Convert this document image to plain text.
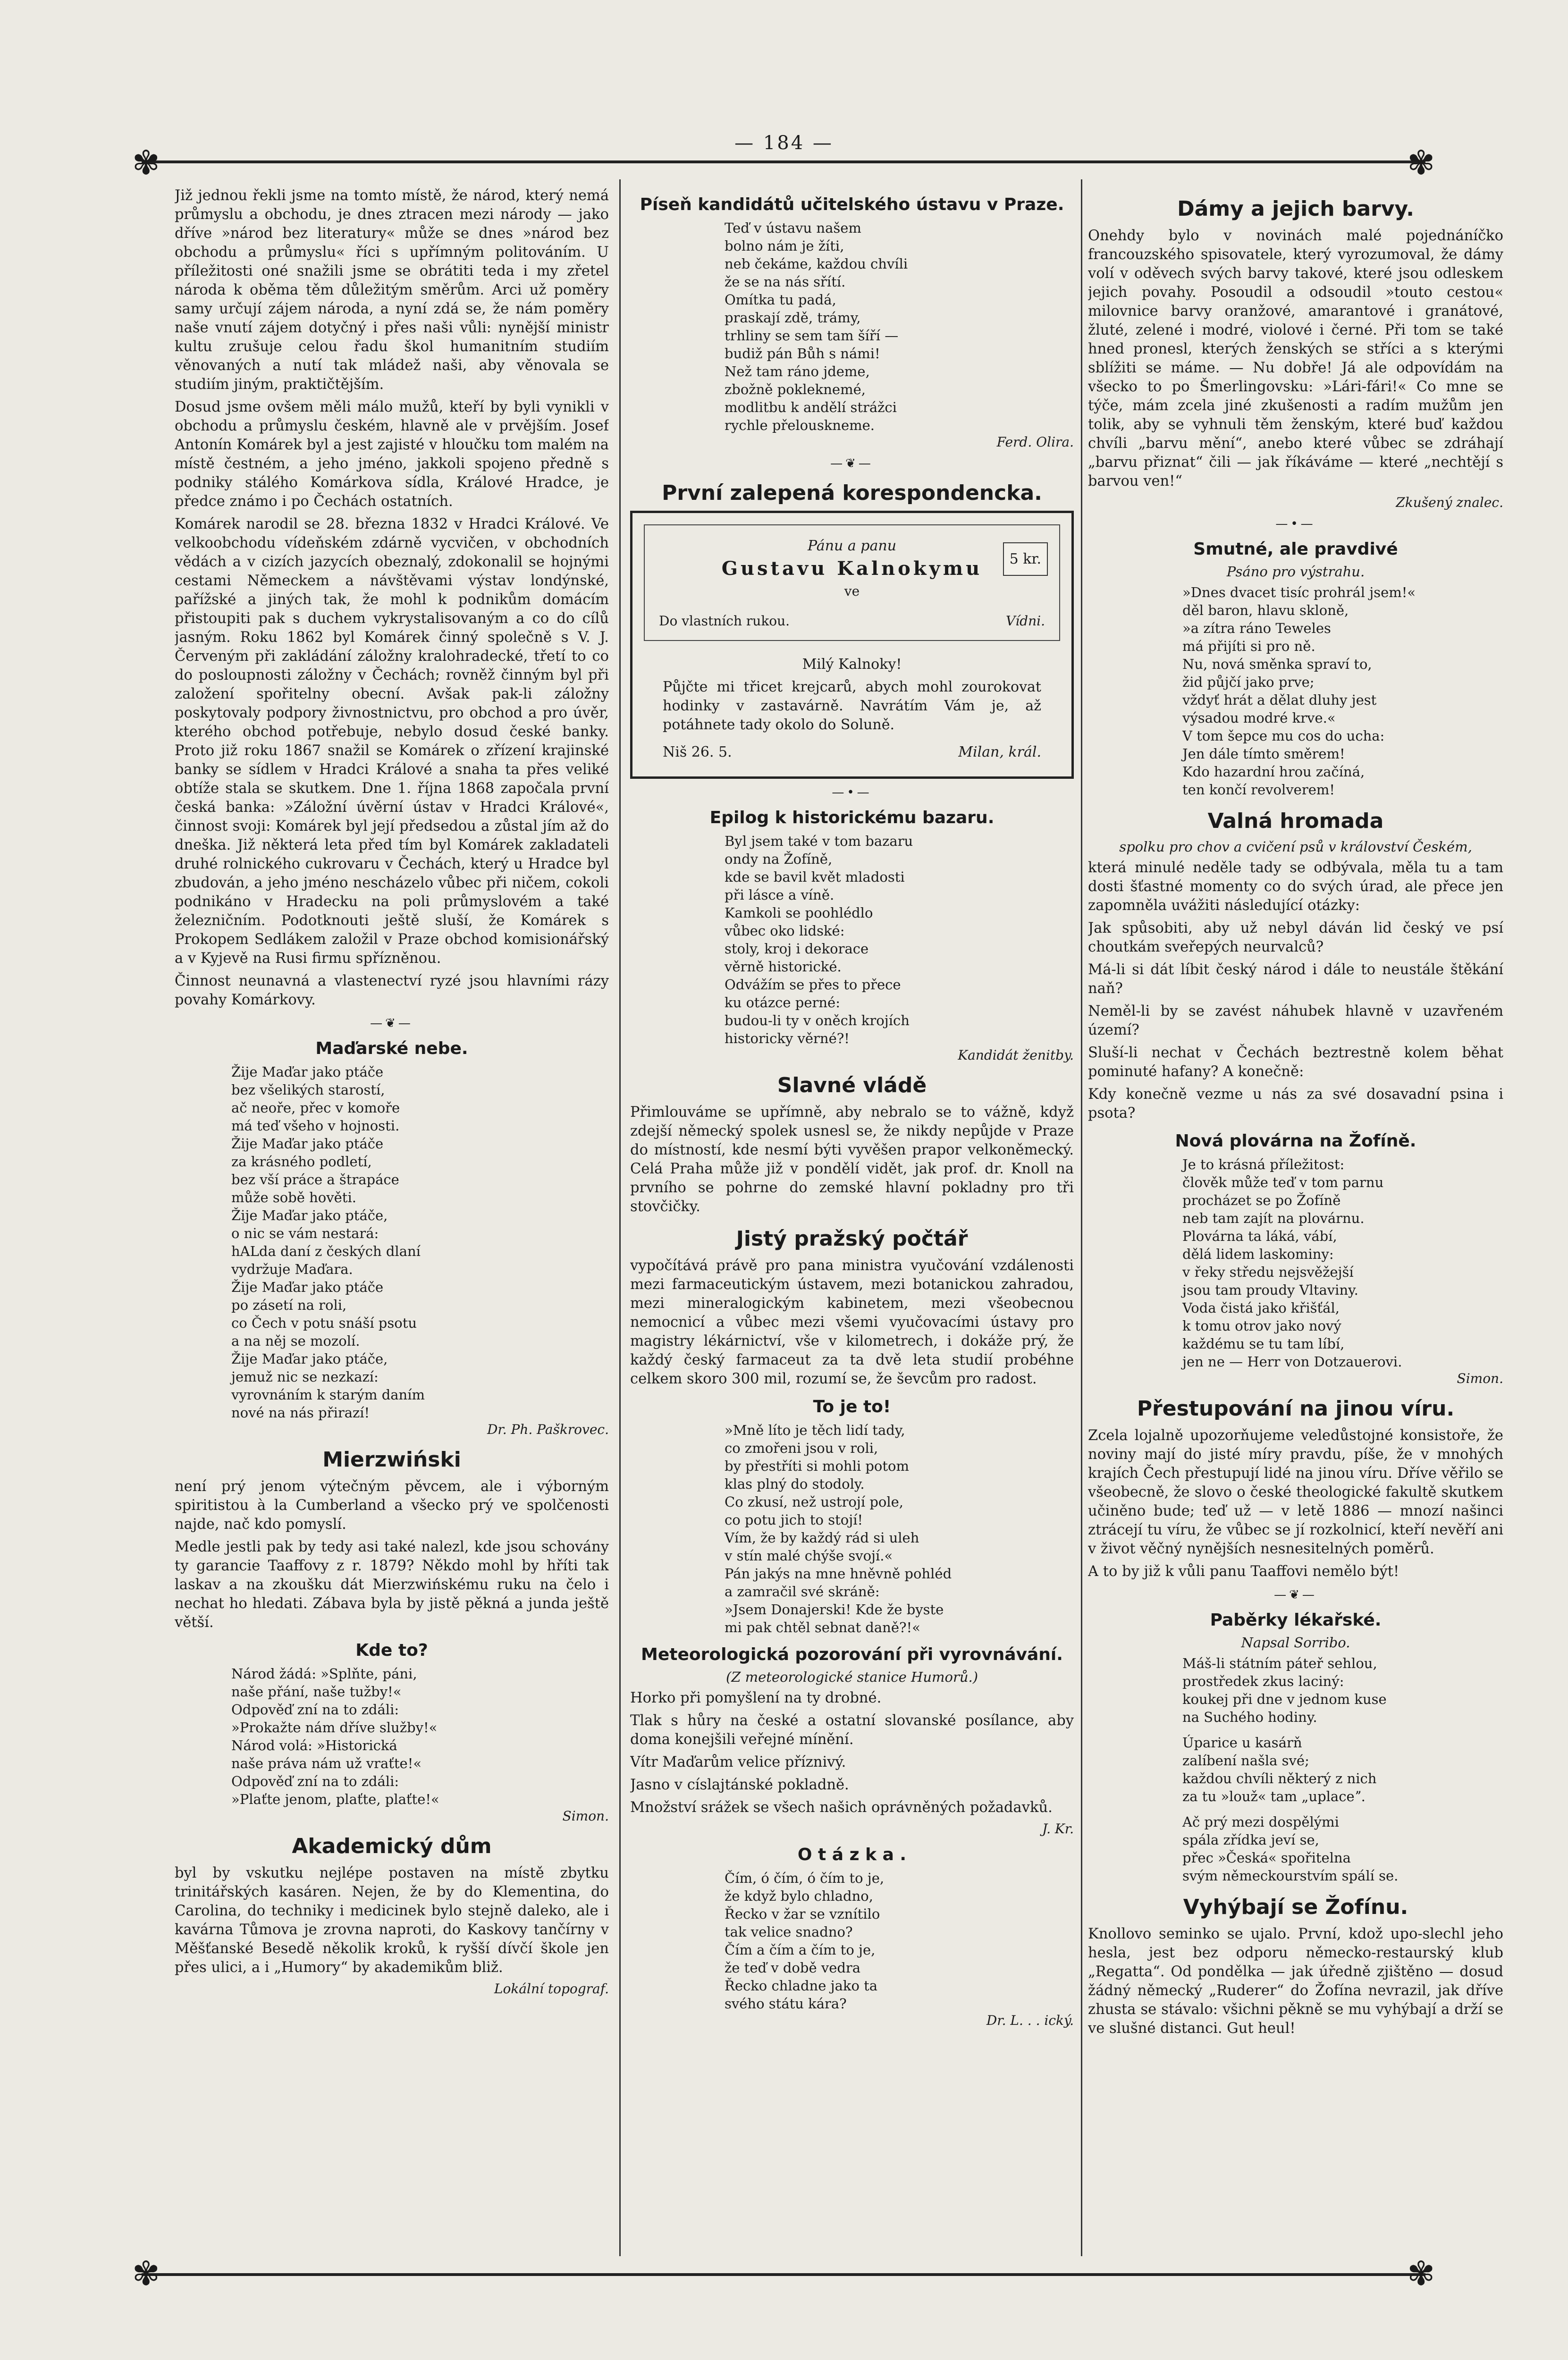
— 184 —
✾	✾
✾	✾

Již jednou řekli jsme na tomto místě, že národ, který nemá průmyslu a obchodu, je dnes ztracen mezi národy — jako dříve »národ bez literatury« může se dnes »národ bez obchodu a průmyslu« říci s upřímným politováním. U příležitosti oné snažili jsme se obrátiti teda i my zřetel národa k oběma těm důležitým směrům. Arci už poměry samy určují zájem národa, a nyní zdá se, že nám poměry naše vnutí zájem dotyčný i přes naši vůli: nynější ministr kultu zrušuje celou řadu škol humanitním studiím věnovaných a nutí tak mládež naši, aby věnovala se studiím jiným, praktičtějším.

Dosud jsme ovšem měli málo mužů, kteří by byli vynikli v obchodu a průmyslu českém, hlavně ale v prvějším. Josef Antonín Komárek byl a jest zajisté v hloučku tom malém na místě čestném, a jeho jméno, jakkoli spojeno předně s podniky stálého Komárkova sídla, Králové Hradce, je předce známo i po Čechách ostatních.

Komárek narodil se 28. března 1832 v Hradci Králové. Ve velkoobchodu vídeňském zdárně vycvičen, v obchodních vědách a v cizích jazycích obeznalý, zdokonalil se hojnými cestami Německem a návštěvami výstav londýnské, pařížské a jiných tak, že mohl k podnikům domácím přistoupiti pak s duchem vykrystalisovaným a co do cílů jasným. Roku 1862 byl Komárek činný společně s V. J. Červeným při zakládání záložny kralohradecké, třetí to co do posloupnosti záložny v Čechách; rovněž činným byl při založení spořitelny obecní. Avšak pak-li záložny poskytovaly podpory živnostnictvu, pro obchod a pro úvěr, kterého obchod potřebuje, nebylo dosud české banky. Proto již roku 1867 snažil se Komárek o zřízení krajinské banky se sídlem v Hradci Králové a snaha ta přes veliké obtíže stala se skutkem. Dne 1. října 1868 započala první česká banka: »Záložní úvěrní ústav v Hradci Králové«, činnost svoji: Komárek byl její předsedou a zůstal jím až do dneška. Již některá leta před tím byl Komárek zakladateli druhé rolnického cukrovaru v Čechách, který u Hradce byl zbudován, a jeho jméno nescházelo vůbec při ničem, cokoli podnikáno v Hradecku na poli průmyslovém a také železničním. Podotknouti ještě sluší, že Komárek s Prokopem Sedlákem založil v Praze obchod komisionářský a v Kyjevě na Rusi firmu spřízněnou.

Činnost neunavná a vlastenectví ryzé jsou hlavními rázy povahy Komárkovy.

—❦—
Maďarské nebe.

Žije Maďar jako ptáče

bez všelikých starostí,

ač neoře, přec v komoře

má teď všeho v hojnosti.

Žije Maďar jako ptáče

za krásného podletí,

bez vší práce a štrapáce

může sobě hověti.

Žije Maďar jako ptáče,

o nic se vám nestará:

hALda daní z českých dlaní

vydržuje Maďara.

Žije Maďar jako ptáče

po zásetí na roli,

co Čech v potu snáší psotu

a na něj se mozolí.

Žije Maďar jako ptáče,

jemuž nic se nezkazí:

vyrovnáním k starým daním

nové na nás přirazí!

Dr. Ph. Paškrovec.
Mierzwiński

není prý jenom výtečným pěvcem, ale i výborným spiritistou à la Cumberland a všecko prý ve spolčenosti najde, nač kdo pomyslí.

Medle jestli pak by tedy asi také nalezl, kde jsou schovány ty garancie Taaffovy z r. 1879? Někdo mohl by hříti tak laskav a na zkoušku dát Mierzwińskému ruku na čelo i nechat ho hledati. Zábava byla by jistě pěkná a junda ještě větší.

Kde to?

Národ žádá: »Splňte, páni,

naše přání, naše tužby!«

Odpověď zní na to zdáli:

»Prokažte nám dříve služby!«

Národ volá: »Historická

naše práva nám už vraťte!«

Odpověď zní na to zdáli:

»Plaťte jenom, plaťte, plaťte!«

Simon.
Akademický dům

byl by vskutku nejlépe postaven na místě zbytku trinitářských kasáren. Nejen, že by do Klementina, do Carolina, do techniky i medicinek bylo stejně daleko, ale i kavárna Tůmova je zrovna naproti, do Kaskovy tančírny v Měšťanské Besedě několik kroků, k ryšší dívčí škole jen přes ulici, a i „Humory“ by akademikům bliž.

Lokální topograf.
Píseň kandidátů učitelského ústavu v Praze.

Teď v ústavu našem

bolno nám je žíti,

neb čekáme, každou chvíli

že se na nás sřítí.

Omítka tu padá,

praskají zdě, trámy,

trhliny se sem tam šíří —

budiž pán Bůh s námi!

Než tam ráno jdeme,

zbožně pokleknemé,

modlitbu k andělí strážci

rychle přelouskneme.

Ferd. Olira.
—❦—
První zalepená korespondencka.
5 kr.

Pánu a panu

Gustavu Kalnokymu

ve

Do vlastních rukou.	Vídni.

Milý Kalnoky!

Půjčte mi třicet krejcarů, abych mohl zourokovat hodinky v zastavárně. Navrátím Vám je, až potáhnete tady okolo do Soluně.

Niš 26. 5.	Milan, král.
—•—
Epilog k historickému bazaru.

Byl jsem také v tom bazaru

ondy na Žofíně,

kde se bavil květ mladosti

při lásce a víně.

Kamkoli se poohlédlo

vůbec oko lidské:

stoly, kroj i dekorace

věrně historické.

Odvážím se přes to přece

ku otázce perné:

budou-li ty v oněch krojích

historicky věrné?!

Kandidát ženitby.
Slavné vládě

Přimlouváme se upřímně, aby nebralo se to vážně, když zdejší německý spolek usnesl se, že nikdy nepůjde v Praze do místností, kde nesmí býti vyvěšen prapor velkoněmecký. Celá Praha může již v pondělí vidět, jak prof. dr. Knoll na prvního se pohrne do zemské hlavní pokladny pro tři stovčičky.

Jistý pražský počtář

vypočítává právě pro pana ministra vyučování vzdálenosti mezi farmaceutickým ústavem, mezi botanickou zahradou, mezi mineralogickým kabinetem, mezi všeobecnou nemocnicí a vůbec mezi všemi vyučovacími ústavy pro magistry lékárnictví, vše v kilometrech, i dokáže prý, že každý český farmaceut za ta dvě leta studií probéhne celkem skoro 300 mil, rozumí se, že ševcům pro radost.

To je to!

»Mně líto je těch lidí tady,

co zmořeni jsou v roli,

by přestříti si mohli potom

klas plný do stodoly.

Co zkusí, než ustrojí pole,

co potu jich to stojí!

Vím, že by každý rád si uleh

v stín malé chýše svojí.«

Pán jakýs na mne hněvně pohléd

a zamračil své skráně:

»Jsem Donajerski! Kde že byste

mi pak chtěl sebnat daně?!«

Meteorologická pozorování při vyrovnávání.
(Z meteorologické stanice Humorů.)

Horko při pomyšlení na ty drobné.

Tlak s hůry na české a ostatní slovanské posílance, aby doma konejšili veřejné mínění.

Vítr Maďarům velice příznivý.

Jasno v císlajtánské pokladně.

Množství srážek se všech našich oprávněných požadavků.

J. Kr.
O t á z k a .

Čím, ó čím, ó čím to je,

že když bylo chladno,

Řecko v žar se vznítilo

tak velice snadno?

Čím a čím a čím to je,

že teď v době vedra

Řecko chladne jako ta

svého státu kára?

Dr. L. . . ický.
Dámy a jejich barvy.

Onehdy bylo v novinách malé pojednáníčko francouzského spisovatele, který vyrozumoval, že dámy volí v oděvech svých barvy takové, které jsou odleskem jejich povahy. Posoudil a odsoudil »touto cestou« milovnice barvy oranžové, amarantové i granátové, žluté, zelené i modré, violové i černé. Při tom se také hned pronesl, kterých ženských se stříci a s kterými sblížiti se máme. — Nu dobře! Já ale odpovídám na všecko to po Šmerlingovsku: »Lári-fári!« Co mne se týče, mám zcela jiné zkušenosti a radím mužům jen tolik, aby se vyhnuli těm ženským, které buď každou chvíli „barvu mění“, anebo které vůbec se zdráhají „barvu přiznat“ čili — jak říkáváme — které „nechtějí s barvou ven!“

Zkušený znalec.
—•—
Smutné, ale pravdivé
Psáno pro výstrahu.

»Dnes dvacet tisíc prohrál jsem!«

děl baron, hlavu skloně,

»a zítra ráno Teweles

má přijíti si pro ně.

Nu, nová směnka spraví to,

žid půjčí jako prve;

vždyť hrát a dělat dluhy jest

výsadou modré krve.«

V tom šepce mu cos do ucha:

Jen dále tímto směrem!

Kdo hazardní hrou začíná,

ten končí revolverem!

Valná hromada
spolku pro chov a cvičení psů v království Českém,

která minulé neděle tady se odbývala, měla tu a tam dosti šťastné momenty co do svých úrad, ale přece jen zapomněla uvážiti následující otázky:

Jak spůsobiti, aby už nebyl dáván lid český ve psí choutkám sveřepých neurvalců?

Má-li si dát líbit český národ i dále to neustále štěkání naň?

Neměl-li by se zavést náhubek hlavně v uzavřeném území?

Sluší-li nechat v Čechách beztrestně kolem běhat pominuté hafany? A konečně:

Kdy konečně vezme u nás za své dosavadní psina i psota?

Nová plovárna na Žofíně.

Je to krásná příležitost:

člověk může teď v tom parnu

procházet se po Žofíně

neb tam zajít na plovárnu.

Plovárna ta láká, vábí,

dělá lidem laskominy:

v řeky středu nejsvěžejší

jsou tam proudy Vltaviny.

Voda čistá jako křišťál,

k tomu otrov jako nový

každému se tu tam líbí,

jen ne — Herr von Dotzauerovi.

Simon.
Přestupování na jinou víru.

Zcela lojalně upozorňujeme veledůstojné konsistoře, že noviny mají do jisté míry pravdu, píše, že v mnohých krajích Čech přestupují lidé na jinou víru. Dříve věřilo se všeobecně, že slovo o české theologické fakultě skutkem učiněno bude; teď už — v letě 1886 — mnozí našinci ztrácejí tu víru, že vůbec se jí rozkolnicí, kteří nevěří ani v život věčný nynějších nesnesitelných poměrů.

A to by již k vůli panu Taaffovi nemělo být!

—❦—
Paběrky lékařské.
Napsal Sorribo.

Máš-li státním páteř sehlou,

prostředek zkus laciný:

koukej při dne v jednom kuse

na Suchého hodiny.

Úparice u kasárň

zalíbení našla své;

každou chvíli některý z nich

za tu »louž« tam „uplaceˮ.

Ač prý mezi dospělými

spála zřídka jeví se,

přec »Česká« spořitelna

svým německourstvím spálí se.

Vyhýbají se Žofínu.

Knollovo seminko se ujalo. První, kdož upo-slechl jeho hesla, jest bez odporu německo-restaurský klub „Regatta“. Od pondělka — jak úředně zjištěno — dosud žádný německý „Ruderer“ do Žofína nevrazil, jak dříve zhusta se stávalo: všichni pěkně se mu vyhýbají a drží se ve slušné distanci. Gut heul!
